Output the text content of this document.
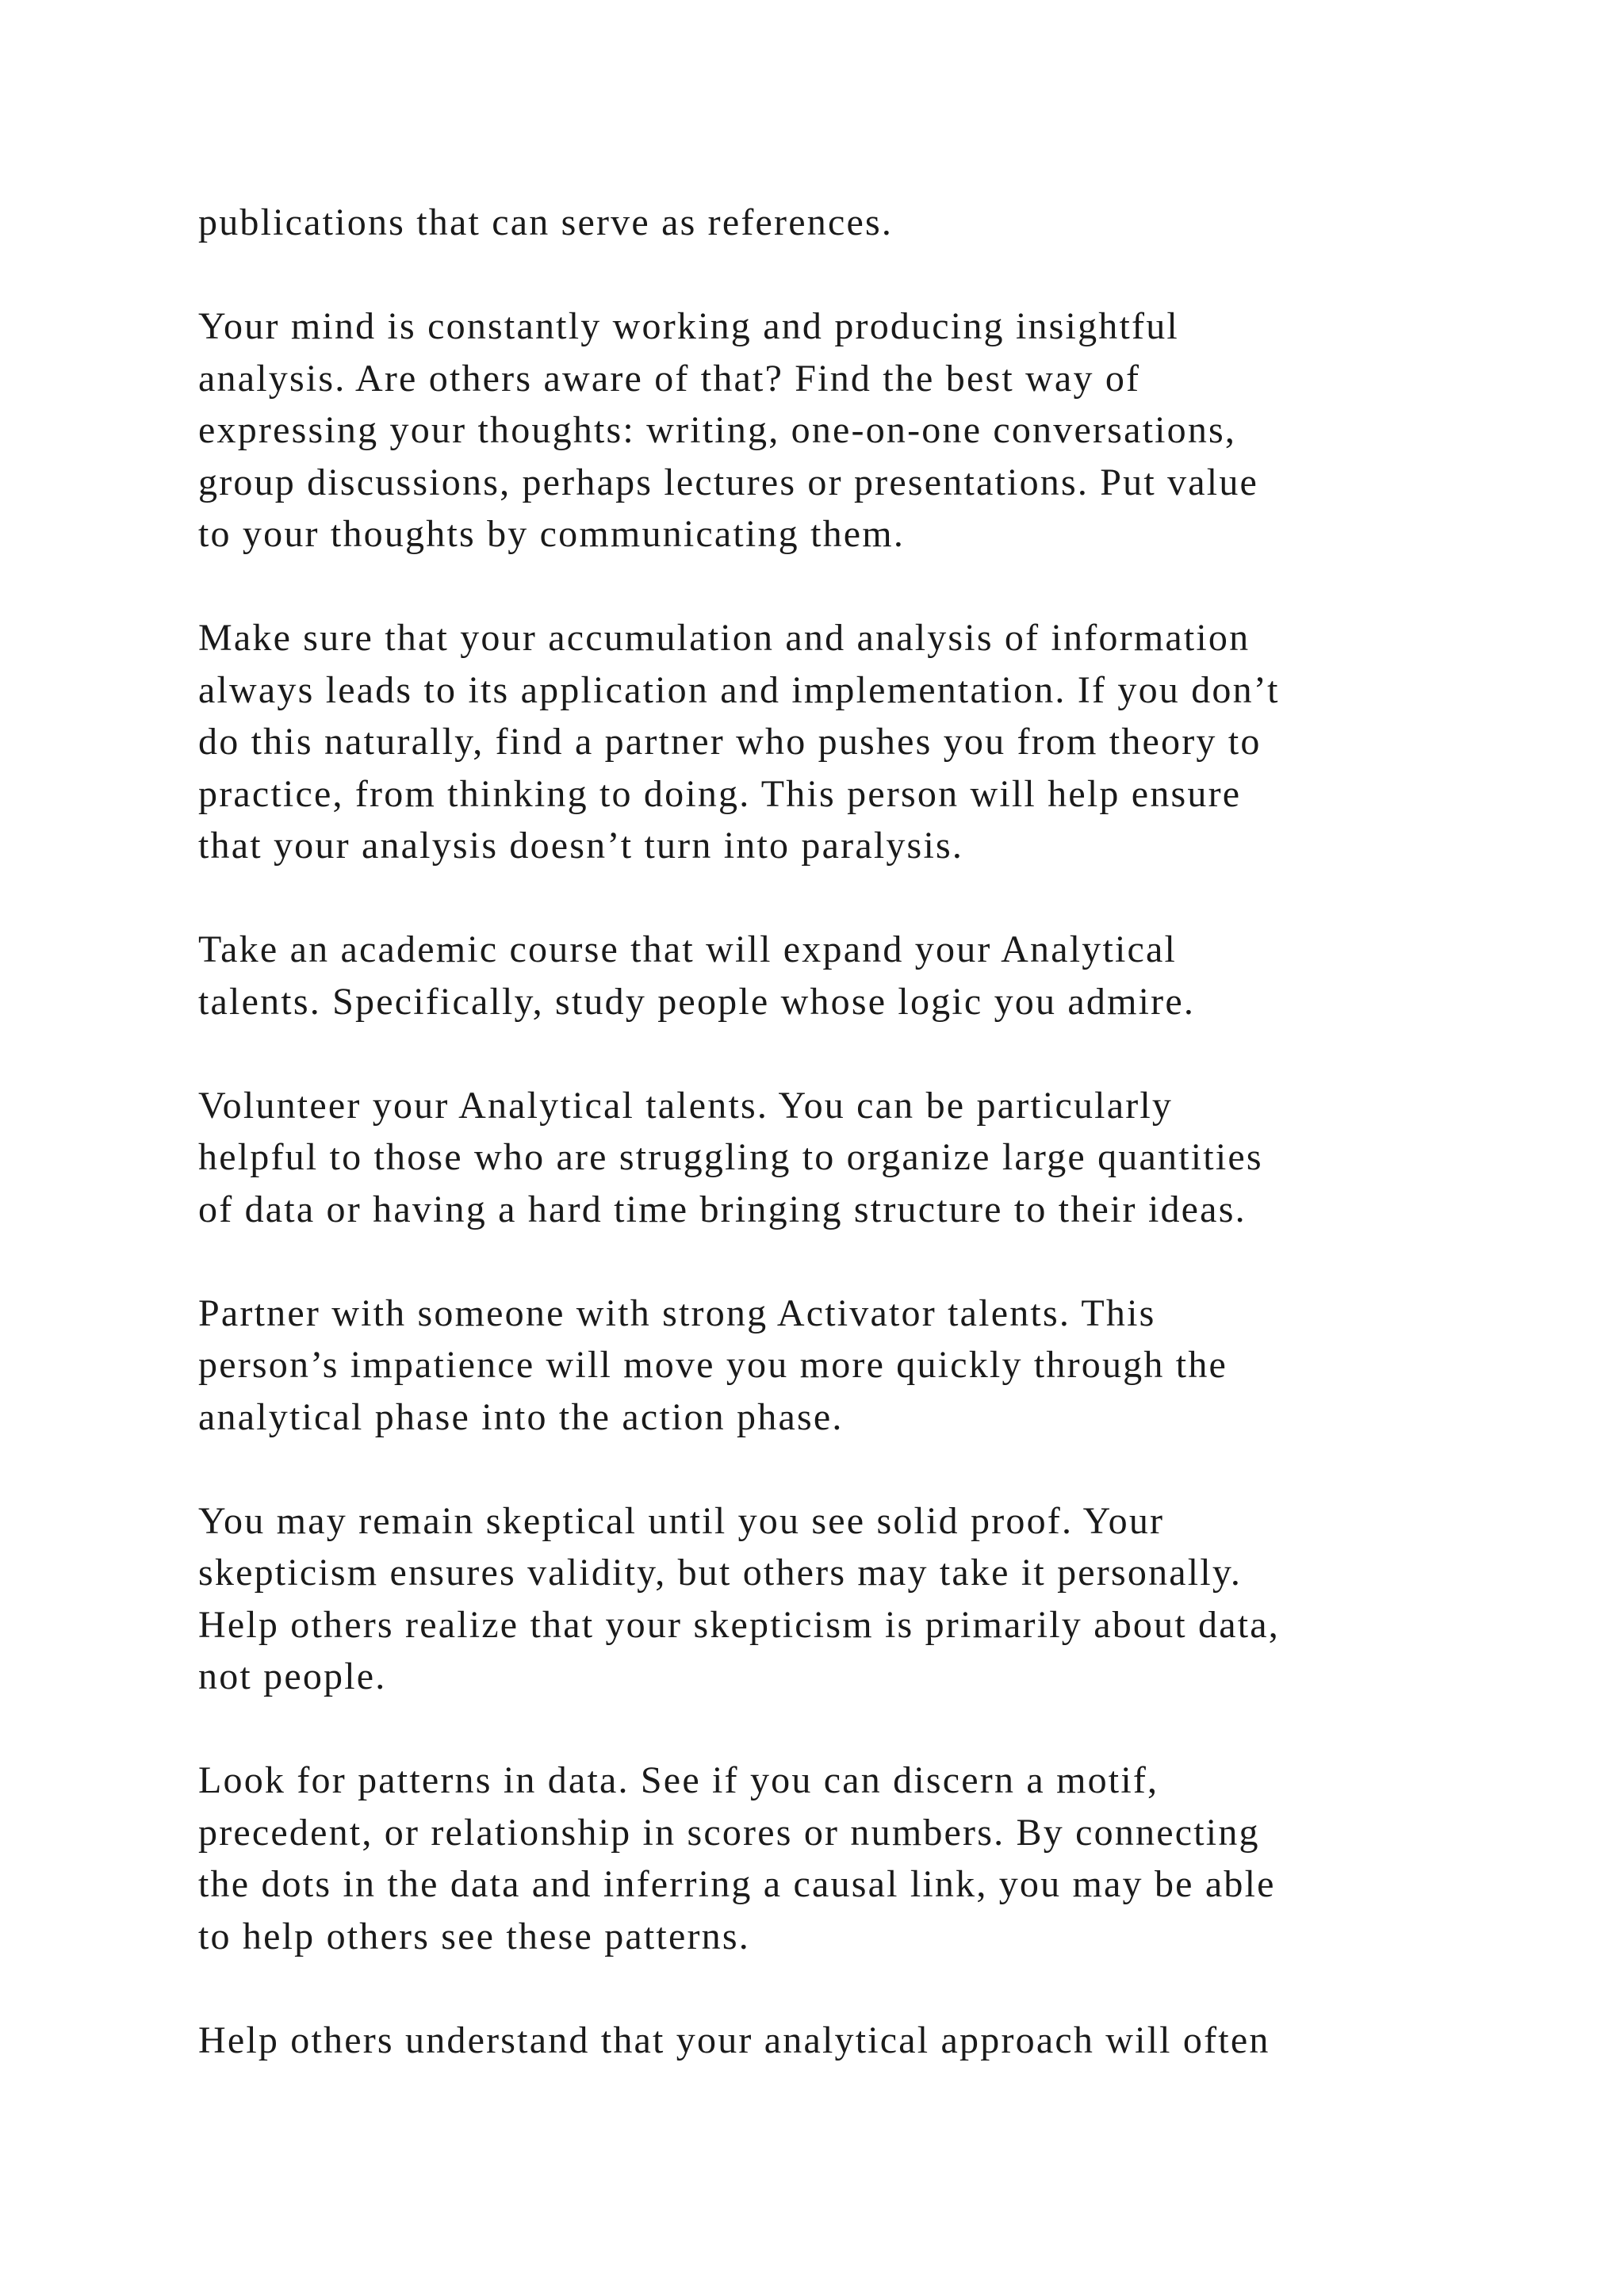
publications that can serve as references.

Your mind is constantly working and producing insightful
analysis. Are others aware of that? Find the best way of
expressing your thoughts: writing, one-on-one conversations,
group discussions, perhaps lectures or presentations. Put value
to your thoughts by communicating them.

Make sure that your accumulation and analysis of information
always leads to its application and implementation. If you don’t
do this naturally, find a partner who pushes you from theory to
practice, from thinking to doing. This person will help ensure
that your analysis doesn’t turn into paralysis.

Take an academic course that will expand your Analytical
talents. Specifically, study people whose logic you admire.

Volunteer your Analytical talents. You can be particularly
helpful to those who are struggling to organize large quantities
of data or having a hard time bringing structure to their ideas.

Partner with someone with strong Activator talents. This
person’s impatience will move you more quickly through the
analytical phase into the action phase.

You may remain skeptical until you see solid proof. Your
skepticism ensures validity, but others may take it personally.
Help others realize that your skepticism is primarily about data,
not people.

Look for patterns in data. See if you can discern a motif,
precedent, or relationship in scores or numbers. By connecting
the dots in the data and inferring a causal link, you may be able
to help others see these patterns.

Help others understand that your analytical approach will often
